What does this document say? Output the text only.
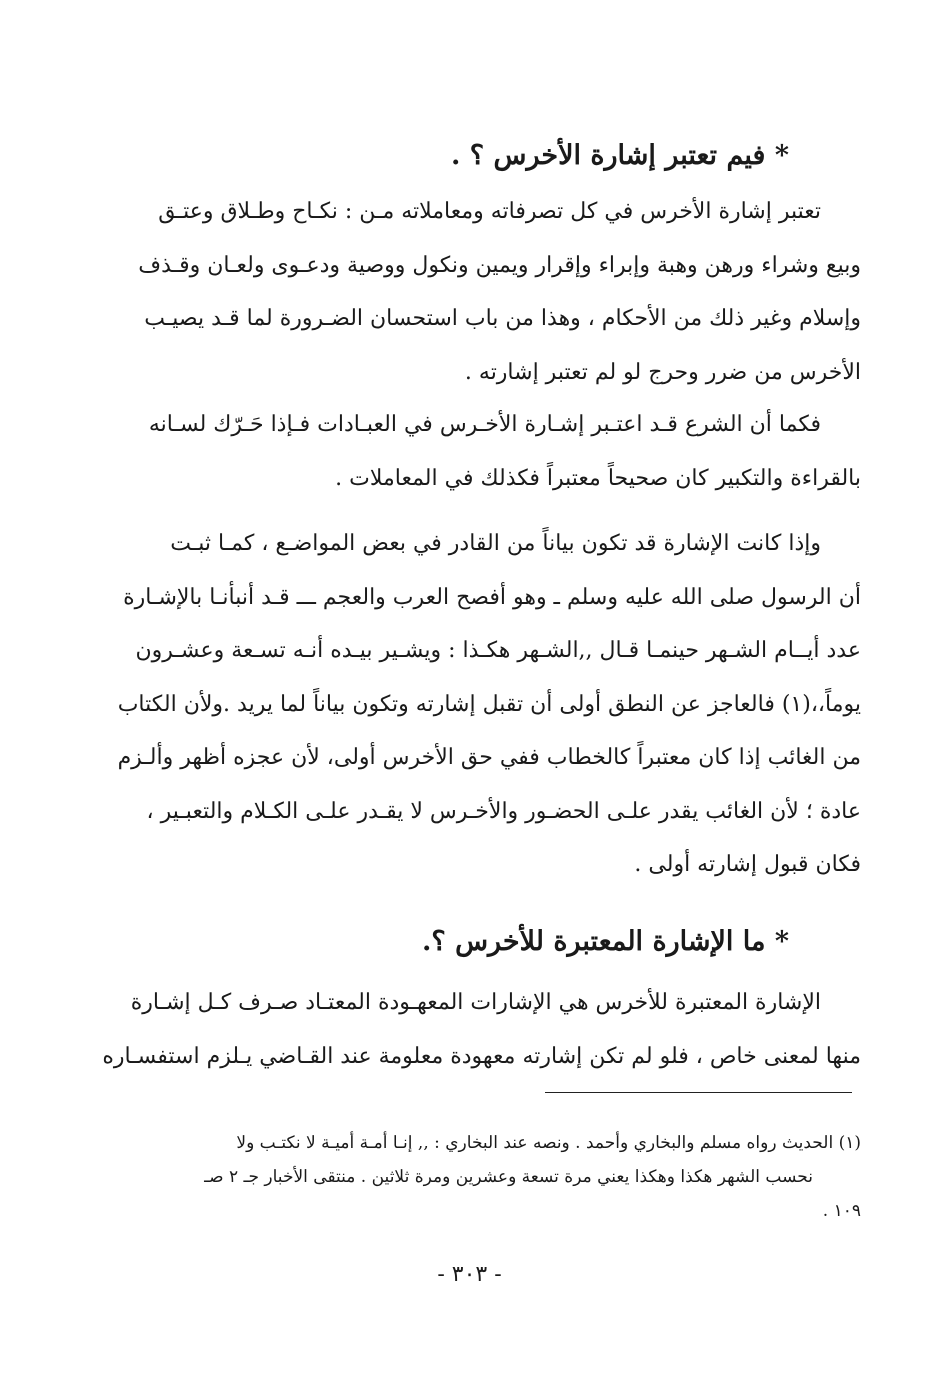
* فيم تعتبر إشارة الأخرس ؟ .
تعتبر إشارة الأخرس في كل تصرفاته ومعاملاته مـن : نكـاح وطـلاق وعتـق
وبيع وشراء ورهن وهبة وإبراء وإقرار ويمين ونكول ووصية ودعـوى ولعـان وقـذف
وإسلام وغير ذلك من الأحكام ، وهذا من باب استحسان الضـرورة لما قـد يصيـب
الأخرس من ضرر وحرج لو لم تعتبر إشارته .
فكما أن الشرع قـد اعتـبر إشـارة الأخـرس في العبـادات فـإذا حَـرّك لسـانه
بالقراءة والتكبير كان صحيحاً معتبراً فكذلك في المعاملات .
وإذا كانت الإشارة قد تكون بياناً من القادر في بعض المواضـع ، كمـا ثبـت
أن الرسول صلى الله عليه وسلم ـ وهو أفصح العرب والعجم ـــ قـد أنبأنـا بالإشـارة
عدد أيــام الشـهر حينمـا قـال ,,الشـهر هكـذا : ويشـير بيـده أنـه تسـعة وعشـرون
يوماً،،(١) فالعاجز عن النطق أولى أن تقبل إشارته وتكون بياناً لما يريد .ولأن الكتاب
من الغائب إذا كان معتبراً كالخطاب ففي حق الأخرس أولى، لأن عجزه أظهر وألـزم
عادة ؛ لأن الغائب يقدر علـى الحضـور والأخـرس لا يقـدر علـى الكـلام والتعبـير ،
فكان قبول إشارته أولى .
* ما الإشارة المعتبرة للأخرس ؟.
الإشارة المعتبرة للأخرس هي الإشارات المعهـودة المعتـاد صـرف كـل إشـارة
منها لمعنى خاص ، فلو لم تكن إشارته معهودة معلومة عند القـاضي يـلزم استفسـاره
(١) الحديث رواه مسلم والبخاري وأحمد . ونصه عند البخاري : ,, إنـا أمـة أميـة لا نكتـب ولا
نحسب الشهر هكذا وهكذا يعني مرة تسعة وعشرين ومرة ثلاثين . منتقى الأخبار جـ ٢ صـ
١٠٩ .
- ٣٠٣ -
